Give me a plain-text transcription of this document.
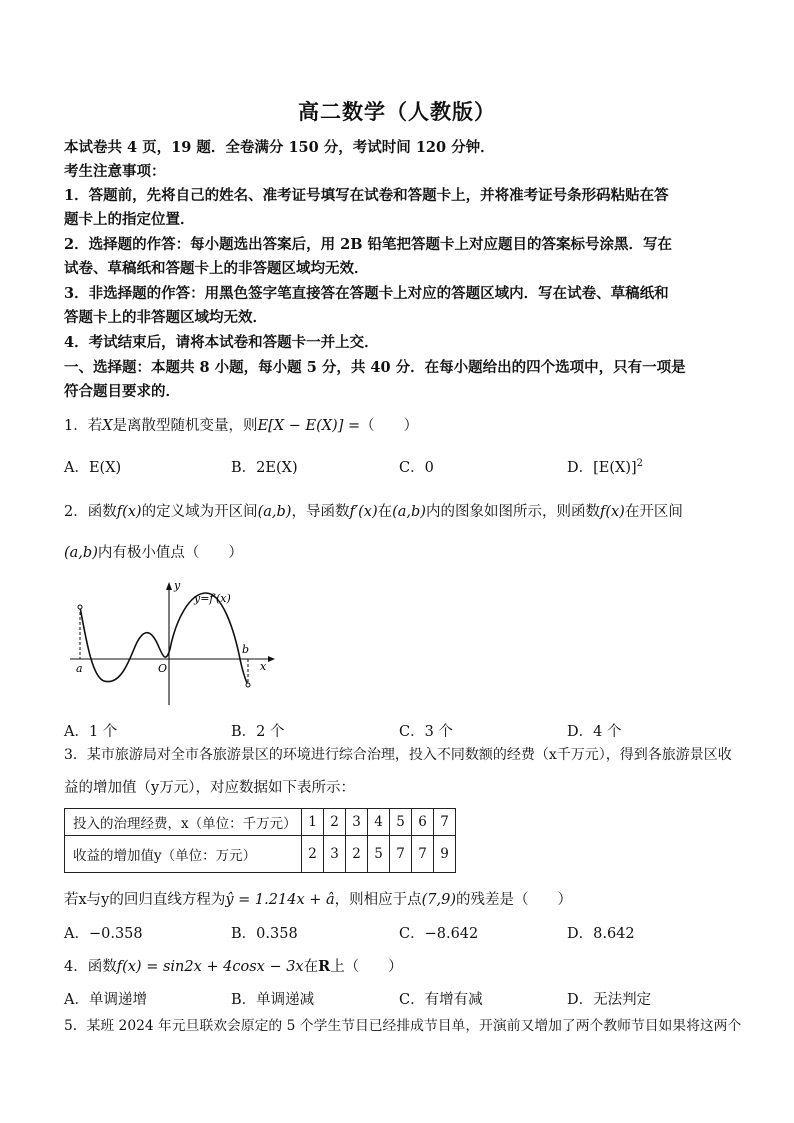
高二数学（人教版）
本试卷共 4 页，19 题．全卷满分 150 分，考试时间 120 分钟．
考生注意事项：
1．答题前，先将自己的姓名、准考证号填写在试卷和答题卡上，并将准考证号条形码粘贴在答
题卡上的指定位置．
2．选择题的作答：每小题选出答案后，用 2B 铅笔把答题卡上对应题目的答案标号涂黑．写在
试卷、草稿纸和答题卡上的非答题区域均无效．
3．非选择题的作答：用黑色签字笔直接答在答题卡上对应的答题区域内．写在试卷、草稿纸和
答题卡上的非答题区域均无效．
4．考试结束后，请将本试卷和答题卡一并上交．
一、选择题：本题共 8 小题，每小题 5 分，共 40 分．在每小题给出的四个选项中，只有一项是
符合题目要求的．
1．若X是离散型随机变量，则E[X − E(X)] =（　　）
A．E(X)	B．2E(X)	C．0	D．$[E(X)]^2$
2．函数f(x)的定义域为开区间(a,b)，导函数f′(x)在(a,b)内的图象如图所示，则函数f(x)在开区间
(a,b)内有极小值点（　　）
y=f′(x)
y
x
a	O
b
A．1 个	B．2 个	C．3 个	D．4 个
3．某市旅游局对全市各旅游景区的环境进行综合治理，投入不同数额的经费（x千万元），得到各旅游景区收
益的增加值（y万元），对应数据如下表所示：
投入的治理经费，x（单位：千万元）	1	2	3	4	5	6	7
收益的增加值y（单位：万元）	2	3	2	5	7	7	9
若x与y的回归直线方程为ŷ = 1.214x + â，则相应于点(7,9)的残差是（　　）
A．−0.358	B．0.358	C．−8.642	D．8.642
4．函数f(x) = sin2x + 4cosx − 3x在R上（　　）
A．单调递增	B．单调递减	C．有增有减	D．无法判定
5．某班 2024 年元旦联欢会原定的 5 个学生节目已经排成节目单，开演前又增加了两个教师节目如果将这两个
